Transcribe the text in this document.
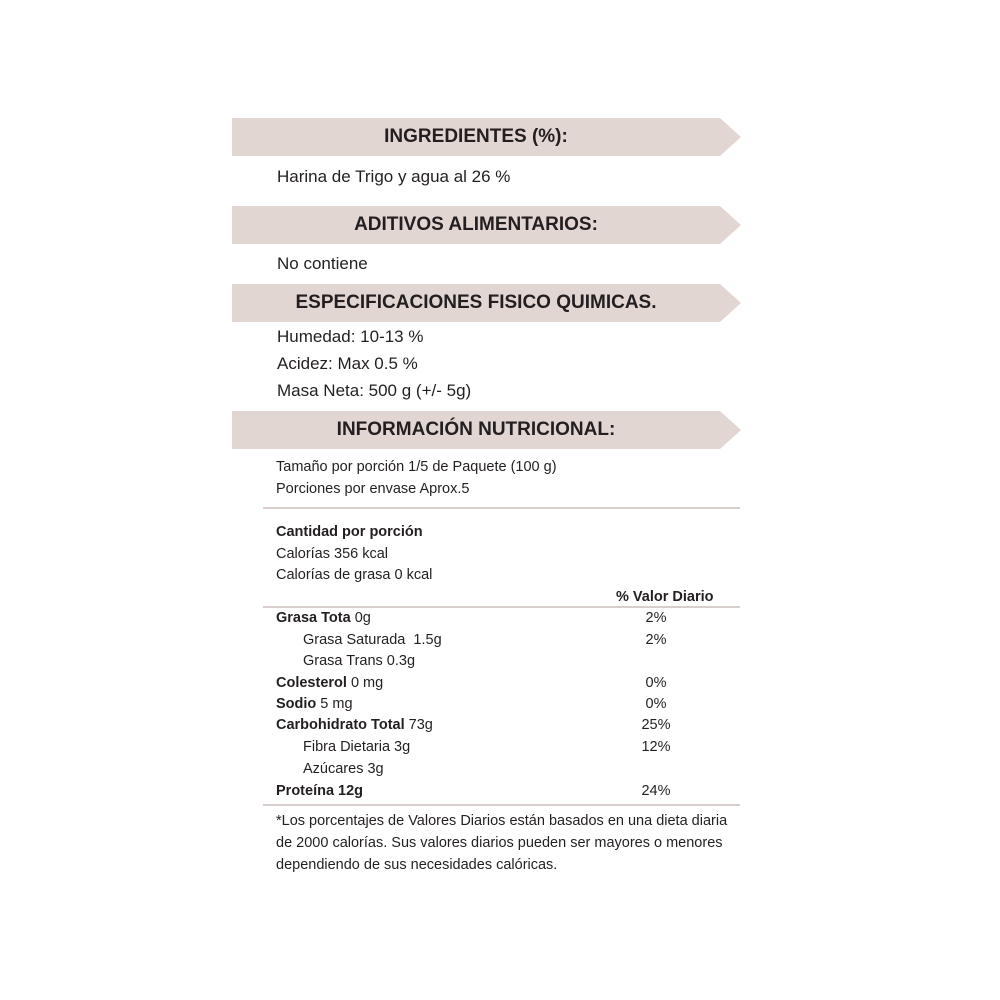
INGREDIENTES (%):
Harina de Trigo y agua al 26 %
ADITIVOS ALIMENTARIOS:
No contiene
ESPECIFICACIONES FISICO QUIMICAS.
Humedad: 10-13 %
Acidez: Max 0.5 %
Masa Neta: 500 g (+/- 5g)
INFORMACIÓN NUTRICIONAL:
Tamaño por porción 1/5 de Paquete (100 g)
Porciones por envase Aprox.5
Cantidad por porción
Calorías 356 kcal
Calorías de grasa 0 kcal
% Valor Diario
Grasa Tota 0g	2%
Grasa Saturada  1.5g	2%
Grasa Trans 0.3g
Colesterol 0 mg	0%
Sodio 5 mg	0%
Carbohidrato Total 73g	25%
Fibra Dietaria 3g	12%
Azúcares 3g
Proteína 12g	24%
*Los porcentajes de Valores Diarios están basados en una dieta diaria de 2000 calorías. Sus valores diarios pueden ser mayores o menores dependiendo de sus necesidades calóricas.
